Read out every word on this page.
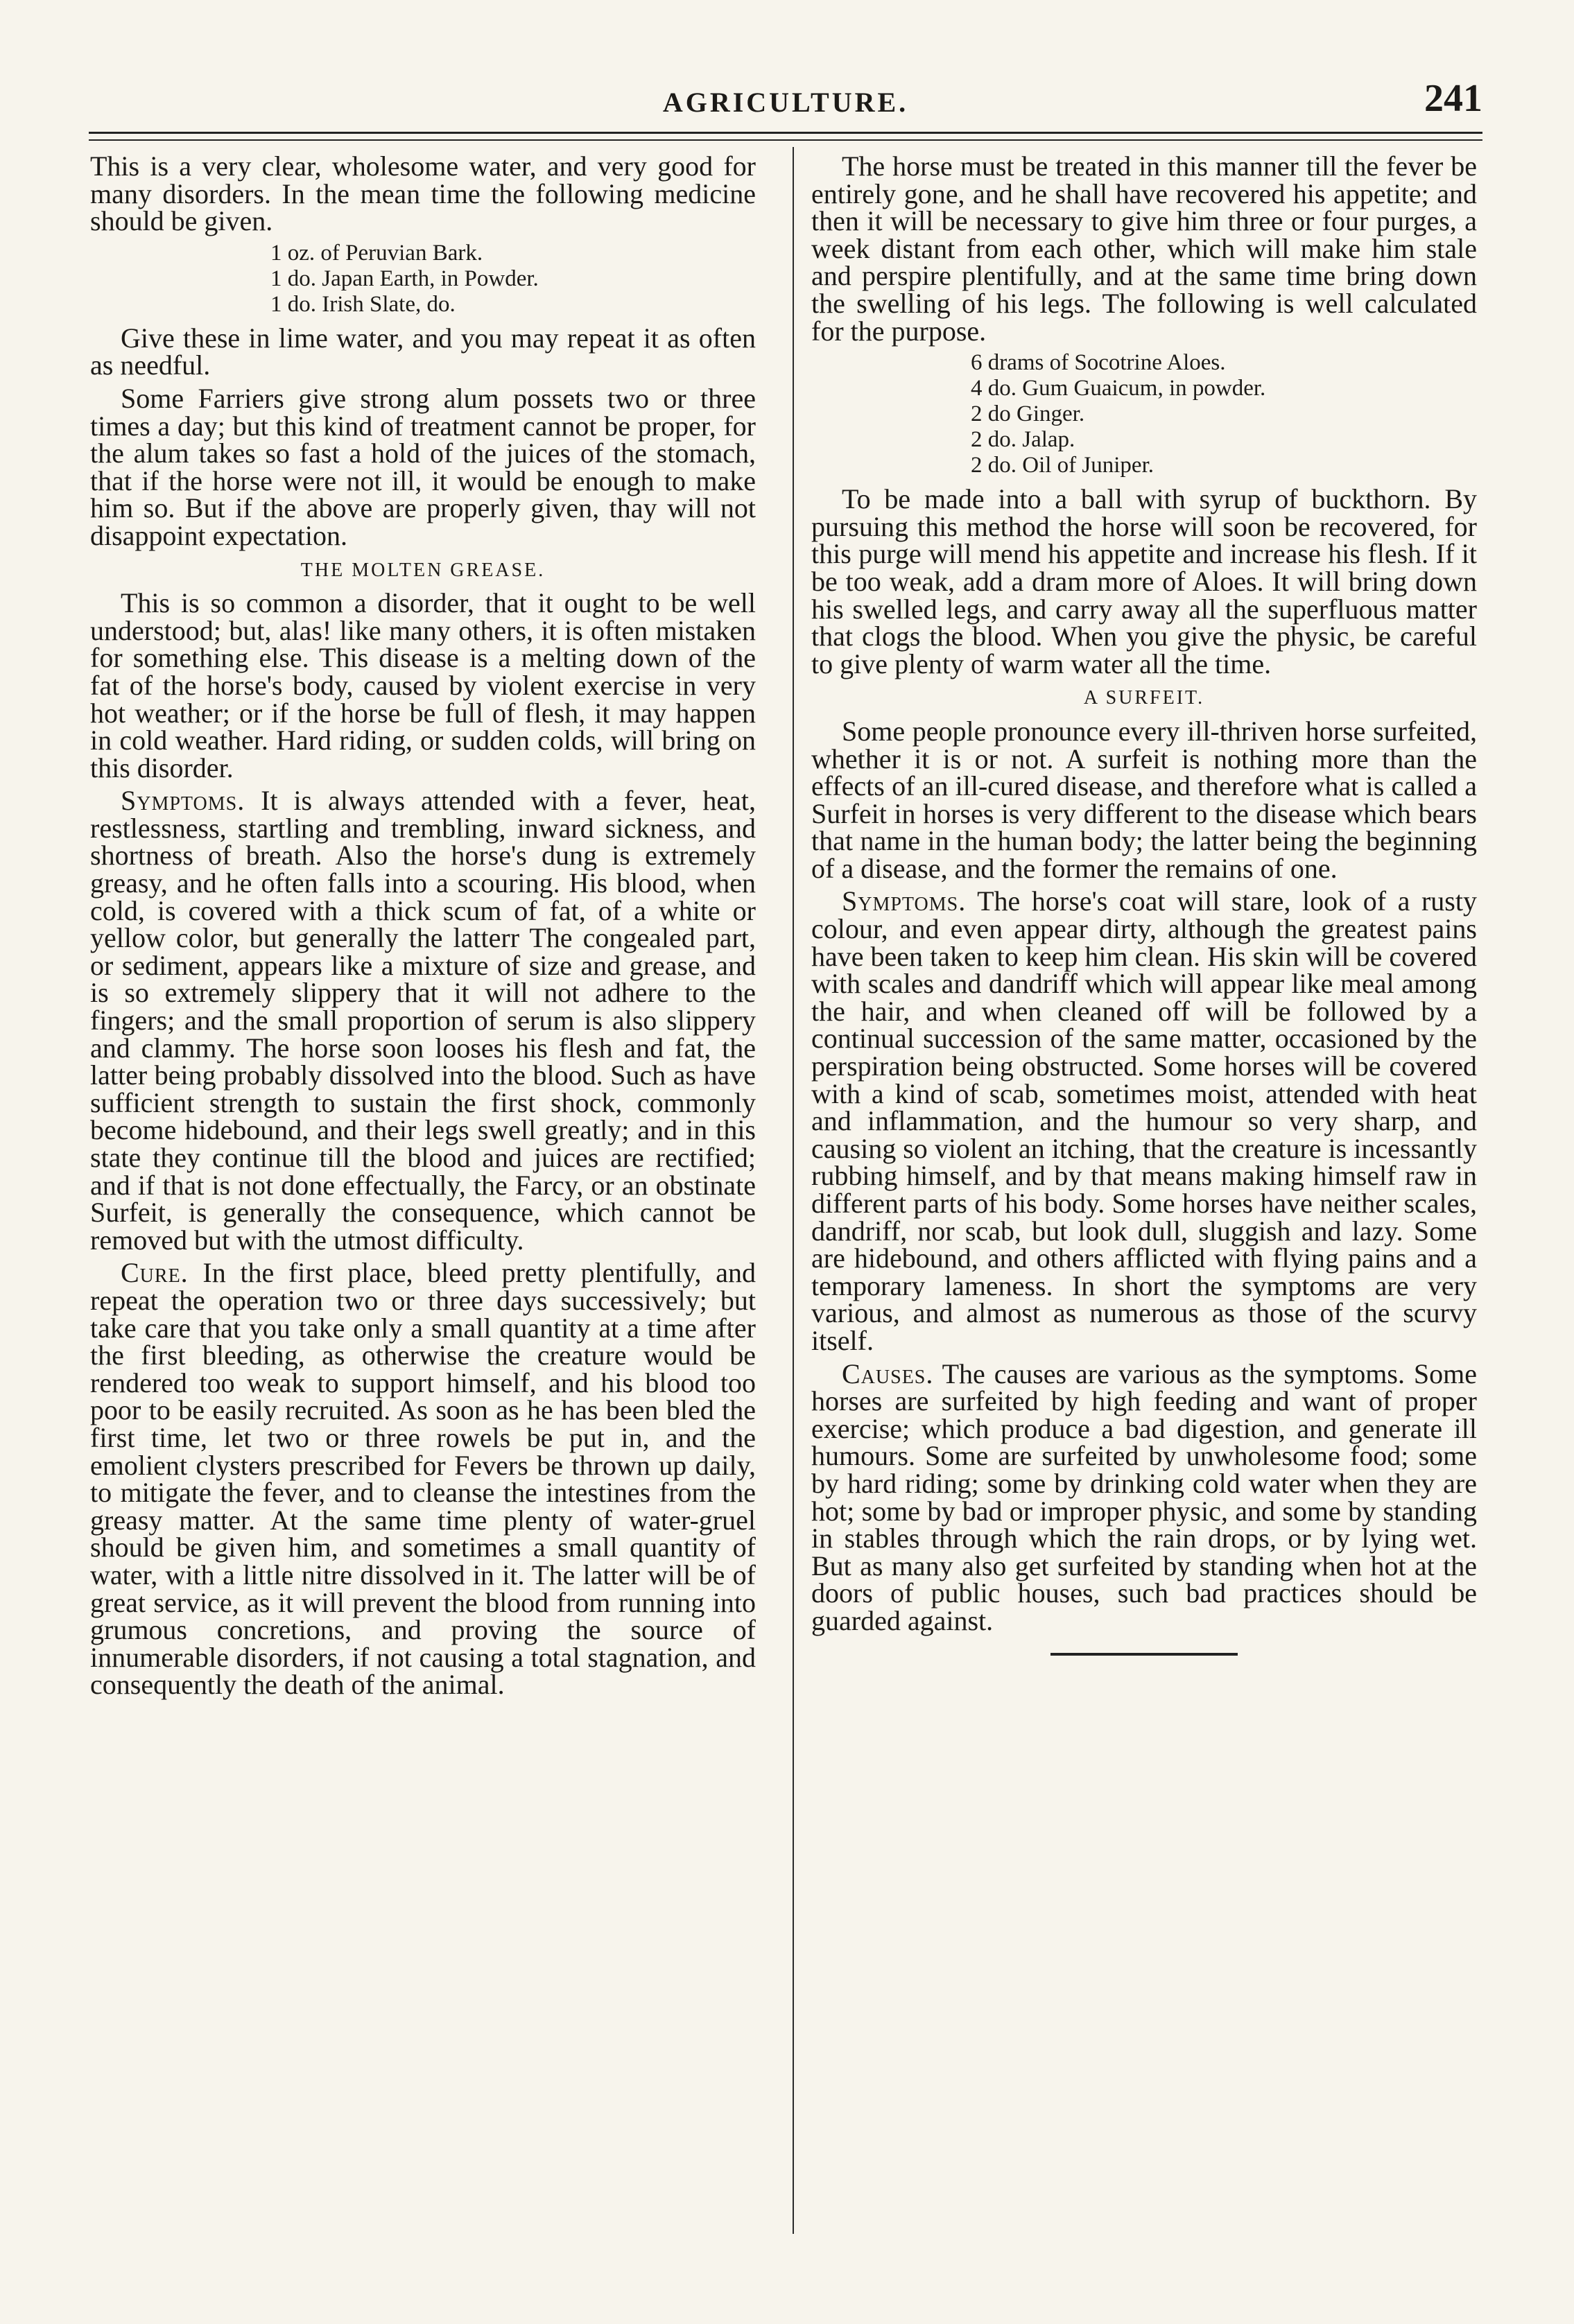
AGRICULTURE.	241

This is a very clear, wholesome water, and very good for many disorders. In the mean time the following medicine should be given.

1 oz. of Peruvian Bark.
1 do. Japan Earth, in Powder.
1 do. Irish Slate, do.

Give these in lime water, and you may repeat it as often as needful.

Some Farriers give strong alum possets two or three times a day; but this kind of treatment cannot be proper, for the alum takes so fast a hold of the juices of the stomach, that if the horse were not ill, it would be enough to make him so. But if the above are properly given, thay will not disappoint expectation.

THE MOLTEN GREASE.

This is so common a disorder, that it ought to be well understood; but, alas! like many others, it is often mistaken for something else. This disease is a melting down of the fat of the horse's body, caused by violent exercise in very hot weather; or if the horse be full of flesh, it may happen in cold weather. Hard riding, or sudden colds, will bring on this disorder.

Symptoms. It is always attended with a fever, heat, restlessness, startling and trembling, inward sickness, and shortness of breath. Also the horse's dung is extremely greasy, and he often falls into a scouring. His blood, when cold, is covered with a thick scum of fat, of a white or yellow color, but generally the latterr The congealed part, or sediment, appears like a mixture of size and grease, and is so extremely slippery that it will not adhere to the fingers; and the small proportion of serum is also slippery and clammy. The horse soon looses his flesh and fat, the latter being probably dissolved into the blood. Such as have sufficient strength to sustain the first shock, commonly become hidebound, and their legs swell greatly; and in this state they continue till the blood and juices are rectified; and if that is not done effectually, the Farcy, or an obstinate Surfeit, is generally the consequence, which cannot be removed but with the utmost difficulty.

Cure. In the first place, bleed pretty plentifully, and repeat the operation two or three days successively; but take care that you take only a small quantity at a time after the first bleeding, as otherwise the creature would be rendered too weak to support himself, and his blood too poor to be easily recruited. As soon as he has been bled the first time, let two or three rowels be put in, and the emolient clysters prescribed for Fevers be thrown up daily, to mitigate the fever, and to cleanse the intestines from the greasy matter. At the same time plenty of water-gruel should be given him, and sometimes a small quantity of water, with a little nitre dissolved in it. The latter will be of great service, as it will prevent the blood from running into grumous concretions, and proving the source of innumerable disorders, if not causing a total stagnation, and consequently the death of the animal.

The horse must be treated in this manner till the fever be entirely gone, and he shall have recovered his appetite; and then it will be necessary to give him three or four purges, a week distant from each other, which will make him stale and perspire plentifully, and at the same time bring down the swelling of his legs. The following is well calculated for the purpose.

6 drams of Socotrine Aloes.
4 do. Gum Guaicum, in powder.
2 do Ginger.
2 do. Jalap.
2 do. Oil of Juniper.

To be made into a ball with syrup of buckthorn. By pursuing this method the horse will soon be recovered, for this purge will mend his appetite and increase his flesh. If it be too weak, add a dram more of Aloes. It will bring down his swelled legs, and carry away all the superfluous matter that clogs the blood. When you give the physic, be careful to give plenty of warm water all the time.

A SURFEIT.

Some people pronounce every ill-thriven horse surfeited, whether it is or not. A surfeit is nothing more than the effects of an ill-cured disease, and therefore what is called a Surfeit in horses is very different to the disease which bears that name in the human body; the latter being the beginning of a disease, and the former the remains of one.

Symptoms. The horse's coat will stare, look of a rusty colour, and even appear dirty, although the greatest pains have been taken to keep him clean. His skin will be covered with scales and dandriff which will appear like meal among the hair, and when cleaned off will be followed by a continual succession of the same matter, occasioned by the perspiration being obstructed. Some horses will be covered with a kind of scab, sometimes moist, attended with heat and inflammation, and the humour so very sharp, and causing so violent an itching, that the creature is incessantly rubbing himself, and by that means making himself raw in different parts of his body. Some horses have neither scales, dandriff, nor scab, but look dull, sluggish and lazy. Some are hidebound, and others afflicted with flying pains and a temporary lameness. In short the symptoms are very various, and almost as numerous as those of the scurvy itself.

Causes. The causes are various as the symptoms. Some horses are surfeited by high feeding and want of proper exercise; which produce a bad digestion, and generate ill humours. Some are surfeited by unwholesome food; some by hard riding; some by drinking cold water when they are hot; some by bad or improper physic, and some by standing in stables through which the rain drops, or by lying wet. But as many also get surfeited by standing when hot at the doors of public houses, such bad practices should be guarded against.
